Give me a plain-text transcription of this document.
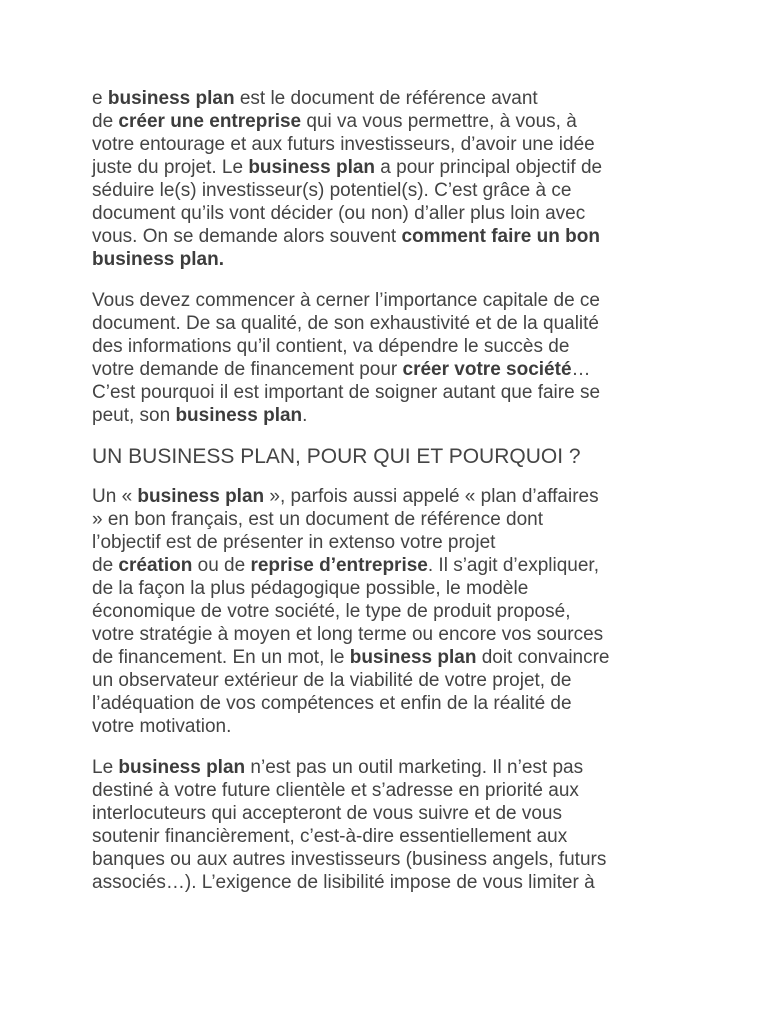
e business plan est le document de référence avant
de créer une entreprise qui va vous permettre, à vous, à
votre entourage et aux futurs investisseurs, d’avoir une idée
juste du projet. Le business plan a pour principal objectif de
séduire le(s) investisseur(s) potentiel(s). C’est grâce à ce
document qu’ils vont décider (ou non) d’aller plus loin avec
vous. On se demande alors souvent comment faire un bon
business plan.

Vous devez commencer à cerner l’importance capitale de ce
document. De sa qualité, de son exhaustivité et de la qualité
des informations qu’il contient, va dépendre le succès de
votre demande de financement pour créer votre société…
C’est pourquoi il est important de soigner autant que faire se
peut, son business plan.

UN BUSINESS PLAN, POUR QUI ET POURQUOI ?

Un « business plan », parfois aussi appelé « plan d’affaires
» en bon français, est un document de référence dont
l’objectif est de présenter in extenso votre projet
de création ou de reprise d’entreprise. Il s’agit d’expliquer,
de la façon la plus pédagogique possible, le modèle
économique de votre société, le type de produit proposé,
votre stratégie à moyen et long terme ou encore vos sources
de financement. En un mot, le business plan doit convaincre
un observateur extérieur de la viabilité de votre projet, de
l’adéquation de vos compétences et enfin de la réalité de
votre motivation.

Le business plan n’est pas un outil marketing. Il n’est pas
destiné à votre future clientèle et s’adresse en priorité aux
interlocuteurs qui accepteront de vous suivre et de vous
soutenir financièrement, c’est-à-dire essentiellement aux
banques ou aux autres investisseurs (business angels, futurs
associés…). L’exigence de lisibilité impose de vous limiter à
